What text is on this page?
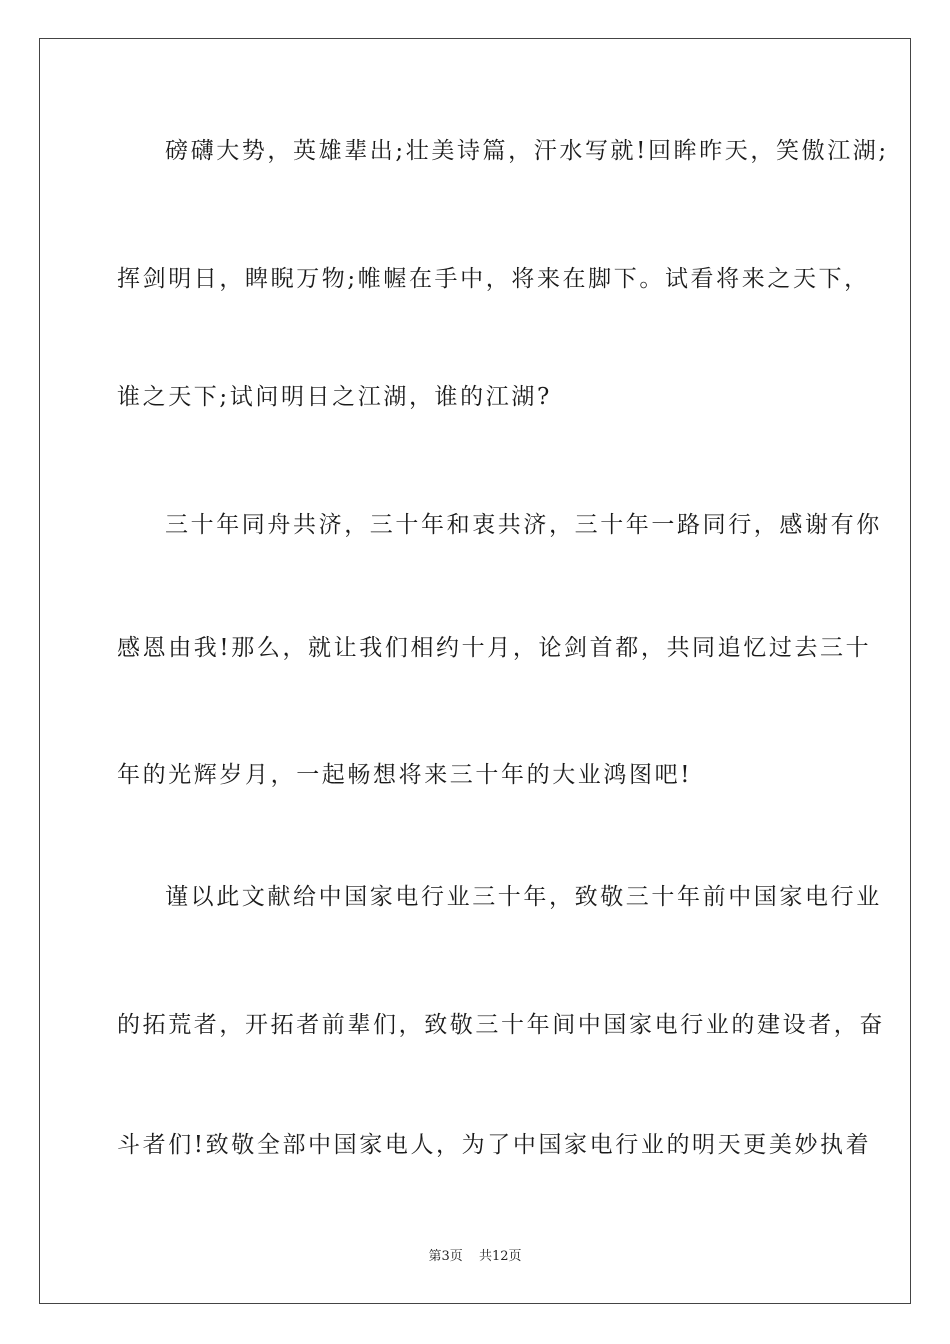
磅礴大势，英雄辈出;壮美诗篇，汗水写就!回眸昨天，笑傲江湖;
挥剑明日，睥睨万物;帷幄在手中，将来在脚下。试看将来之天下，
谁之天下;试问明日之江湖，谁的江湖?
三十年同舟共济，三十年和衷共济，三十年一路同行，感谢有你
感恩由我!那么，就让我们相约十月，论剑首都，共同追忆过去三十
年的光辉岁月，一起畅想将来三十年的大业鸿图吧!
谨以此文献给中国家电行业三十年，致敬三十年前中国家电行业
的拓荒者，开拓者前辈们，致敬三十年间中国家电行业的建设者，奋
斗者们!致敬全部中国家电人，为了中国家电行业的明天更美妙执着
第3页 共12页
